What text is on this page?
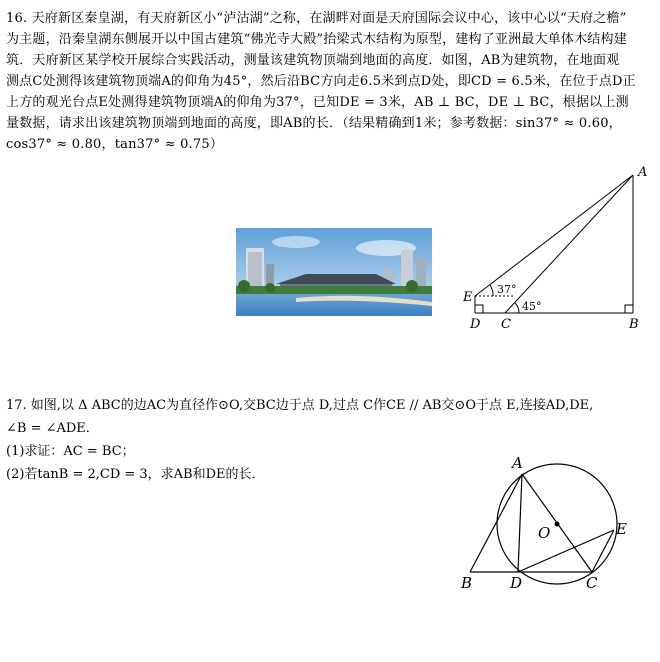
16. 天府新区秦皇湖，有天府新区小“泸沽湖”之称，在湖畔对面是天府国际会议中心，该中心以“天府之檐”
为主题，沿秦皇湖东侧展开以中国古建筑“佛光寺大殿”抬梁式木结构为原型，建构了亚洲最大单体木结构建
筑．天府新区某学校开展综合实践活动，测量该建筑物顶端到地面的高度．如图，AB为建筑物，在地面观
测点C处测得该建筑物顶端A的仰角为45°，然后沿BC方向走6.5米到点D处，即CD = 6.5米，在位于点D正
上方的观光台点E处测得建筑物顶端A的仰角为37°，已知DE = 3米，AB ⊥ BC，DE ⊥ BC，根据以上测
量数据，请求出该建筑物顶端到地面的高度，即AB的长．（结果精确到1米；参考数据：sin37° ≈ 0.60，
cos37° ≈ 0.80，tan37° ≈ 0.75）
A
B
C
D
E
37°
45°
17. 如图,以 Δ ABC的边AC为直径作⊙O,交BC边于点 D,过点 C作CE // AB交⊙O于点 E,连接AD,DE,
∠B = ∠ADE．
(1)求证：AC = BC；
(2)若tanB = 2,CD = 3，求AB和DE的长．
A
B	D	C
E
O
